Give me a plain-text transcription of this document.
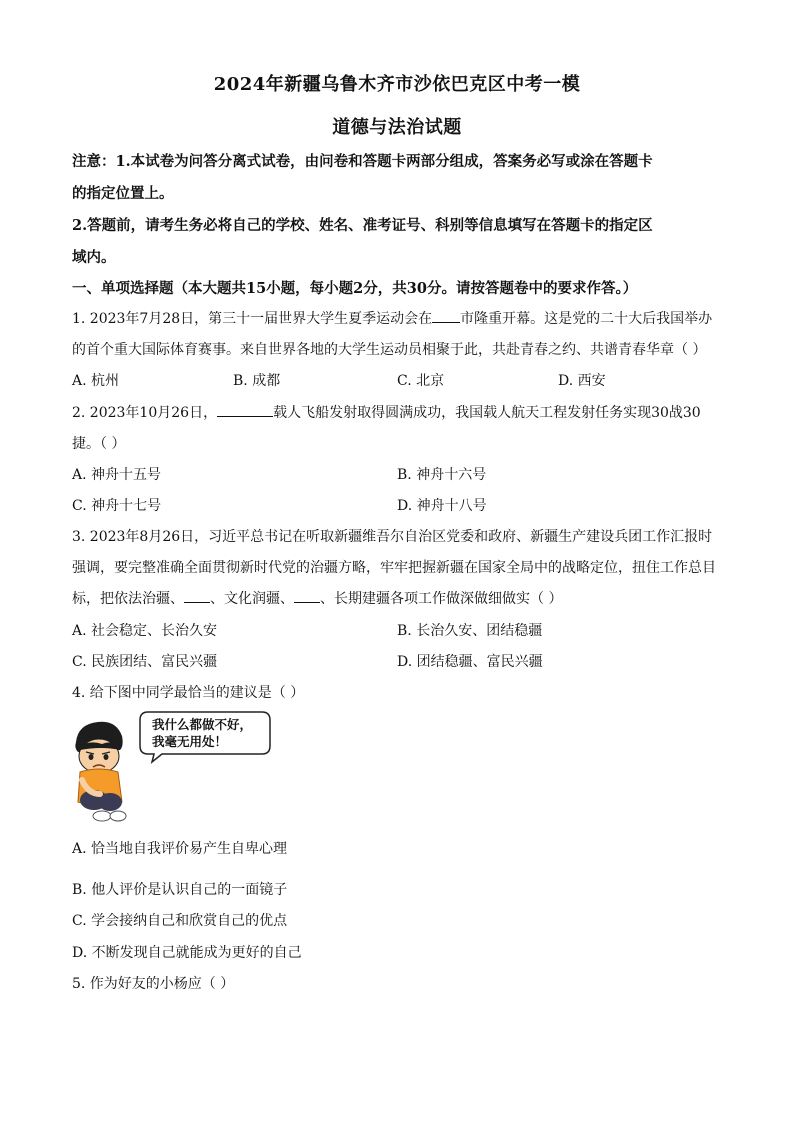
2024年新疆乌鲁木齐市沙依巴克区中考一模
道德与法治试题
注意：1.本试卷为问答分离式试卷，由问卷和答题卡两部分组成，答案务必写或涂在答题卡
的指定位置上。
2.答题前，请考生务必将自己的学校、姓名、准考证号、科别等信息填写在答题卡的指定区
域内。
一、单项选择题（本大题共15小题，每小题2分，共30分。请按答题卷中的要求作答。）
1. 2023年7月28日，第三十一届世界大学生夏季运动会在 市隆重开幕。这是党的二十大后我国举办
的首个重大国际体育赛事。来自世界各地的大学生运动员相聚于此，共赴青春之约、共谱青春华章（ ）
A. 杭州	B. 成都	C. 北京	D. 西安
2. 2023年10月26日，	载人飞船发射取得圆满成功，我国载人航天工程发射任务实现30战30
捷。（ ）
A. 神舟十五号	B. 神舟十六号
C. 神舟十七号	D. 神舟十八号
3. 2023年8月26日，习近平总书记在听取新疆维吾尔自治区党委和政府、新疆生产建设兵团工作汇报时
强调，要完整准确全面贯彻新时代党的治疆方略，牢牢把握新疆在国家全局中的战略定位，扭住工作总目
标，把依法治疆、 、文化润疆、 、长期建疆各项工作做深做细做实（ ）
A. 社会稳定、长治久安	B. 长治久安、团结稳疆
C. 民族团结、富民兴疆	D. 团结稳疆、富民兴疆
4. 给下图中同学最恰当的建议是（ ）
我什么都做不好，
我毫无用处！
A. 恰当地自我评价易产生自卑心理
B. 他人评价是认识自己的一面镜子
C. 学会接纳自己和欣赏自己的优点
D. 不断发现自己就能成为更好的自己
5. 作为好友的小杨应（ ）
